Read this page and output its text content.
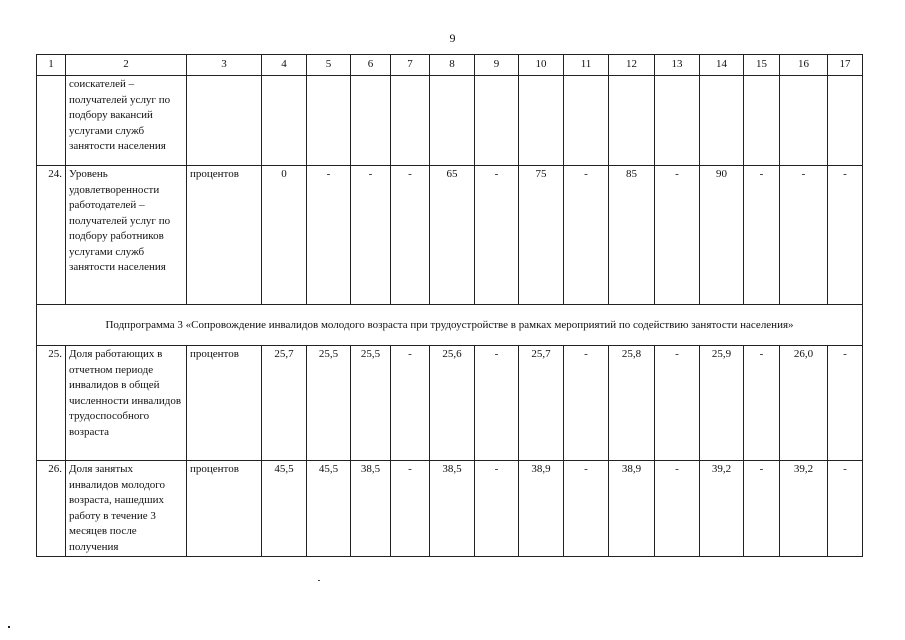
9
1	2	3	4	5	6	7	8	9	10	11	12	13	14	15	16	17
	соискателей – получателей услуг по подбору вакансий услугами служб занятости населения															
24.	Уровень удовлетворенности работодателей – получателей услуг по подбору работников услугами служб занятости населения	процентов	0	-	-	-	65	-	75	-	85	-	90	-	-	-
Подпрограмма 3 «Сопровождение инвалидов молодого возраста при трудоустройстве в рамках мероприятий по содействию занятости населения»																
25.	Доля работающих в отчетном периоде инвалидов в общей численности инвалидов трудоспособного возраста	процентов	25,7	25,5	25,5	-	25,6	-	25,7	-	25,8	-	25,9	-	26,0	-
26.	Доля занятых инвалидов молодого возраста, нашедших работу в течение 3 месяцев после получения	процентов	45,5	45,5	38,5	-	38,5	-	38,9	-	38,9	-	39,2	-	39,2	-
